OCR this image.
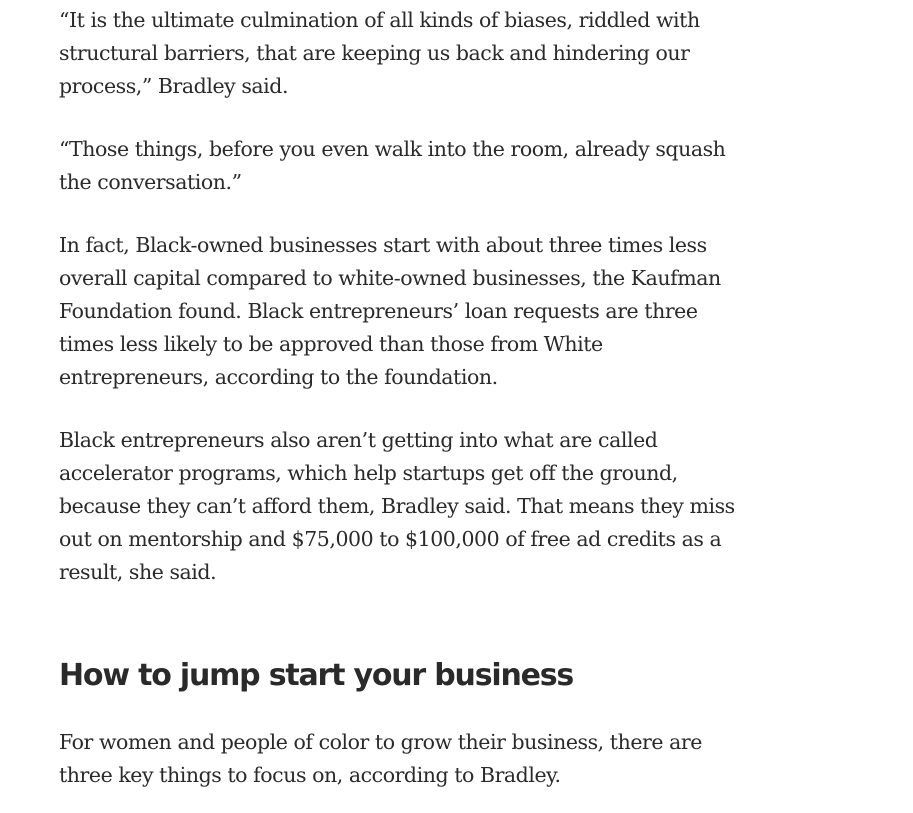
“It is the ultimate culmination of all kinds of biases, riddled with
structural barriers, that are keeping us back and hindering our
process,” Bradley said.

“Those things, before you even walk into the room, already squash
the conversation.”

In fact, Black-owned businesses start with about three times less
overall capital compared to white-owned businesses, the Kaufman
Foundation found. Black entrepreneurs’ loan requests are three
times less likely to be approved than those from White
entrepreneurs, according to the foundation.

Black entrepreneurs also aren’t getting into what are called
accelerator programs, which help startups get off the ground,
because they can’t afford them, Bradley said. That means they miss
out on mentorship and $75,000 to $100,000 of free ad credits as a
result, she said.

How to jump start your business

For women and people of color to grow their business, there are
three key things to focus on, according to Bradley.
